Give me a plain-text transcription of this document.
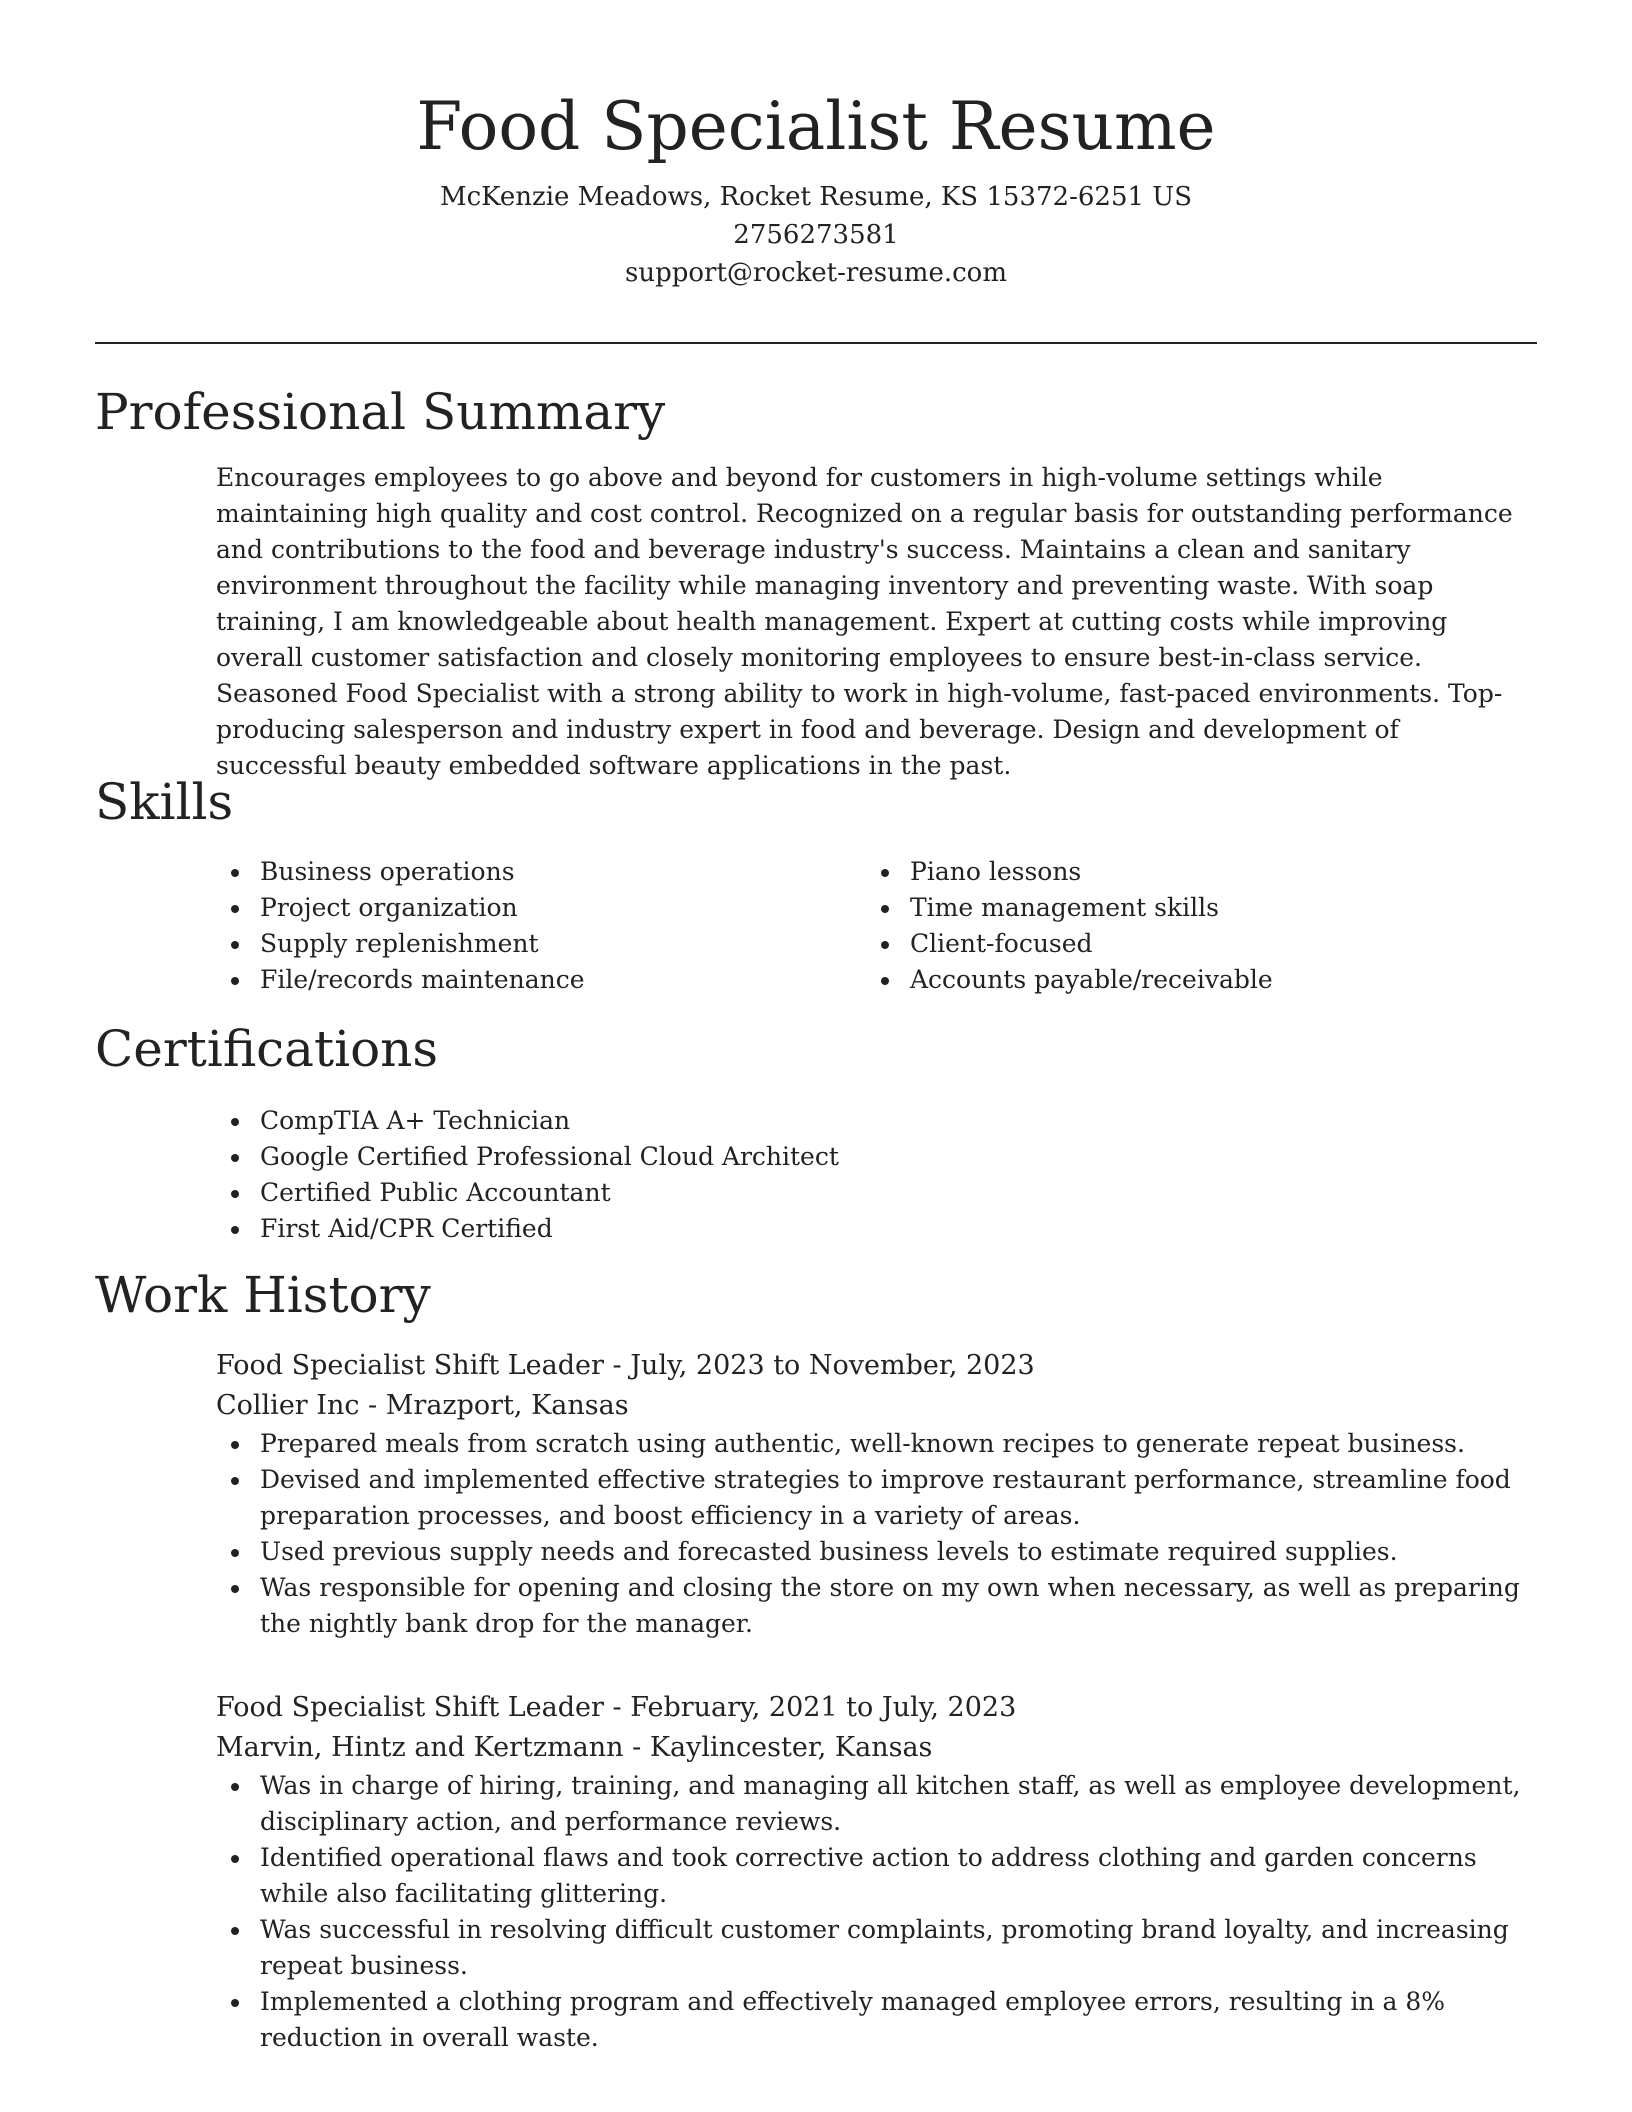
Food Specialist Resume

McKenzie Meadows, Rocket Resume, KS 15372-6251 US

2756273581

support@rocket-resume.com

Professional Summary

Encourages employees to go above and beyond for customers in high-volume settings while maintaining high quality and cost control. Recognized on a regular basis for outstanding performance and contributions to the food and beverage industry's success. Maintains a clean and sanitary environment throughout the facility while managing inventory and preventing waste. With soap training, I am knowledgeable about health management. Expert at cutting costs while improving overall customer satisfaction and closely monitoring employees to ensure best-in-class service. Seasoned Food Specialist with a strong ability to work in high-volume, fast-paced environments. Top-producing salesperson and industry expert in food and beverage. Design and development of successful beauty embedded software applications in the past.

Skills
Business operations
Project organization
Supply replenishment
File/records maintenance
Piano lessons
Time management skills
Client-focused
Accounts payable/receivable
Certifications
CompTIA A+ Technician
Google Certified Professional Cloud Architect
Certified Public Accountant
First Aid/CPR Certified
Work History

Food Specialist Shift Leader - July, 2023 to November, 2023

Collier Inc - Mrazport, Kansas

Prepared meals from scratch using authentic, well-known recipes to generate repeat business.
Devised and implemented effective strategies to improve restaurant performance, streamline food preparation processes, and boost efficiency in a variety of areas.
Used previous supply needs and forecasted business levels to estimate required supplies.
Was responsible for opening and closing the store on my own when necessary, as well as preparing the nightly bank drop for the manager.

Food Specialist Shift Leader - February, 2021 to July, 2023

Marvin, Hintz and Kertzmann - Kaylincester, Kansas

Was in charge of hiring, training, and managing all kitchen staff, as well as employee development, disciplinary action, and performance reviews.
Identified operational flaws and took corrective action to address clothing and garden concerns while also facilitating glittering.
Was successful in resolving difficult customer complaints, promoting brand loyalty, and increasing repeat business.
Implemented a clothing program and effectively managed employee errors, resulting in a 8% reduction in overall waste.
